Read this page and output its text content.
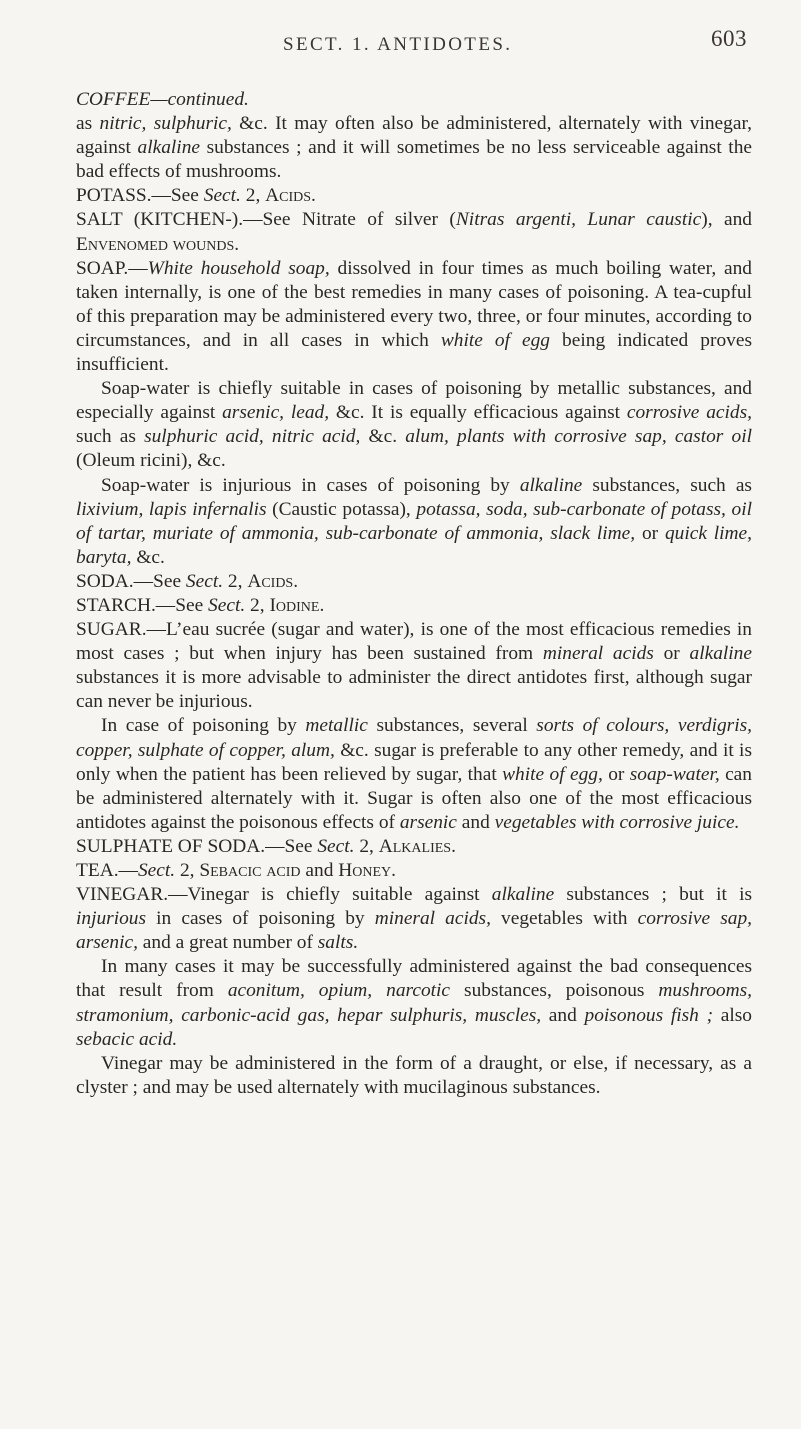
SECT. 1. ANTIDOTES.	603

COFFEE—continued.

as nitric, sulphuric, &c. It may often also be administered, alternately with vinegar, against alkaline substances ; and it will sometimes be no less serviceable against the bad effects of mushrooms.

POTASS.—See Sect. 2, Acids.

SALT (KITCHEN-).—See Nitrate of silver (Nitras argenti, Lunar caustic), and Envenomed wounds.

SOAP.—White household soap, dissolved in four times as much boiling water, and taken internally, is one of the best remedies in many cases of poisoning. A tea-cupful of this preparation may be administered every two, three, or four minutes, according to circumstances, and in all cases in which white of egg being indicated proves insufficient.

Soap-water is chiefly suitable in cases of poisoning by metallic substances, and especially against arsenic, lead, &c. It is equally efficacious against corrosive acids, such as sulphuric acid, nitric acid, &c. alum, plants with corrosive sap, castor oil (Oleum ricini), &c.

Soap-water is injurious in cases of poisoning by alkaline substances, such as lixivium, lapis infernalis (Caustic potassa), potassa, soda, sub-carbonate of potass, oil of tartar, muriate of ammonia, sub-carbonate of ammonia, slack lime, or quick lime, baryta, &c.

SODA.—See Sect. 2, Acids.

STARCH.—See Sect. 2, Iodine.

SUGAR.—L’eau sucrée (sugar and water), is one of the most efficacious remedies in most cases ; but when injury has been sustained from mineral acids or alkaline substances it is more advisable to administer the direct antidotes first, although sugar can never be injurious.

In case of poisoning by metallic substances, several sorts of colours, verdigris, copper, sulphate of copper, alum, &c. sugar is preferable to any other remedy, and it is only when the patient has been relieved by sugar, that white of egg, or soap-water, can be administered alternately with it. Sugar is often also one of the most efficacious antidotes against the poisonous effects of arsenic and vegetables with corrosive juice.

SULPHATE OF SODA.—See Sect. 2, Alkalies.

TEA.—Sect. 2, Sebacic acid and Honey.

VINEGAR.—Vinegar is chiefly suitable against alkaline substances ; but it is injurious in cases of poisoning by mineral acids, vegetables with corrosive sap, arsenic, and a great number of salts.

In many cases it may be successfully administered against the bad consequences that result from aconitum, opium, narcotic substances, poisonous mushrooms, stramonium, carbonic-acid gas, hepar sulphuris, muscles, and poisonous fish ; also sebacic acid.

Vinegar may be administered in the form of a draught, or else, if necessary, as a clyster ; and may be used alternately with mucilaginous substances.
